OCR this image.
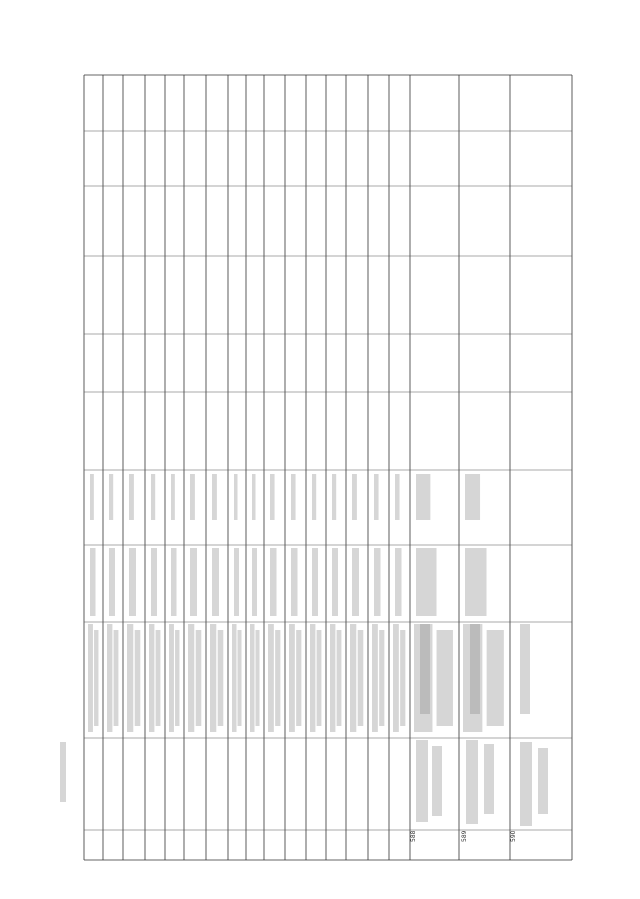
588	589	590
